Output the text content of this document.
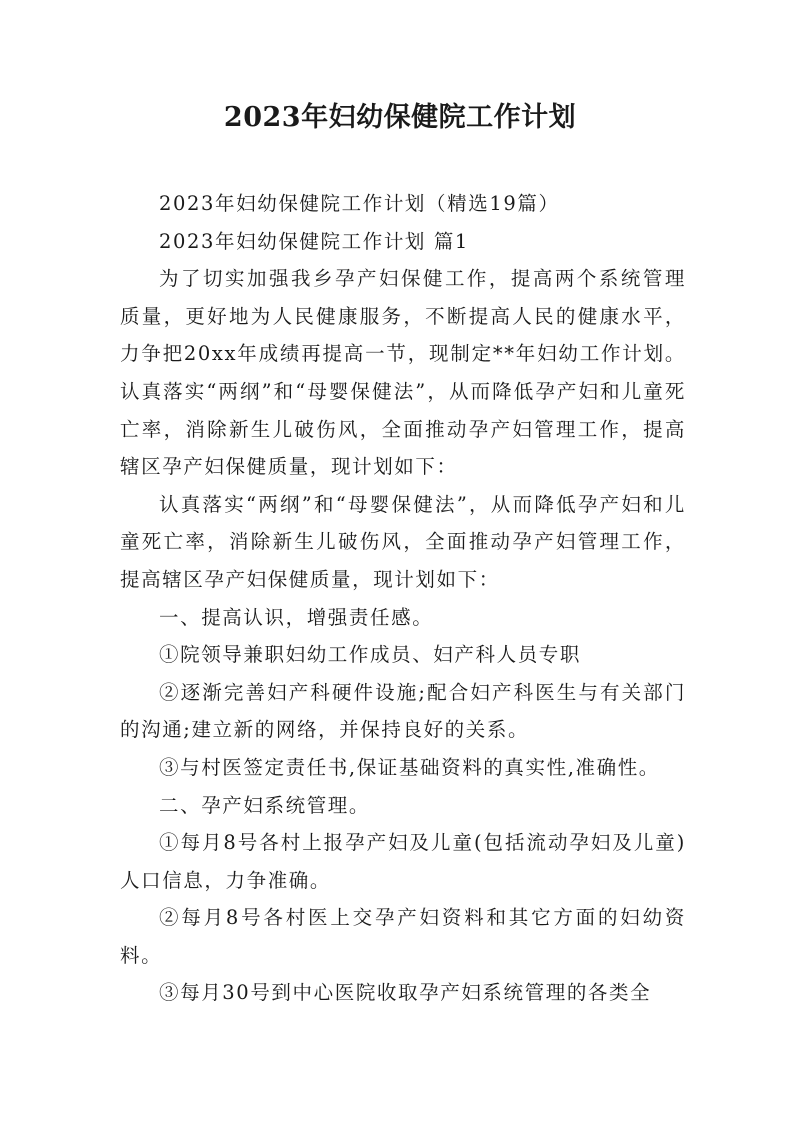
2023年妇幼保健院工作计划

2023年妇幼保健院工作计划（精选19篇）

2023年妇幼保健院工作计划 篇1

为了切实加强我乡孕产妇保健工作，提高两个系统管理质量，更好地为人民健康服务，不断提高人民的健康水平，力争把20xx年成绩再提高一节，现制定**年妇幼工作计划。认真落实“两纲”和“母婴保健法”，从而降低孕产妇和儿童死亡率，消除新生儿破伤风，全面推动孕产妇管理工作，提高辖区孕产妇保健质量，现计划如下：

认真落实“两纲”和“母婴保健法”，从而降低孕产妇和儿童死亡率，消除新生儿破伤风，全面推动孕产妇管理工作，提高辖区孕产妇保健质量，现计划如下：

一、提高认识，增强责任感。

①院领导兼职妇幼工作成员、妇产科人员专职

②逐渐完善妇产科硬件设施;配合妇产科医生与有关部门的沟通;建立新的网络，并保持良好的关系。

③与村医签定责任书,保证基础资料的真实性,准确性。

二、孕产妇系统管理。

①每月8号各村上报孕产妇及儿童(包括流动孕妇及儿童)人口信息，力争准确。

②每月8号各村医上交孕产妇资料和其它方面的妇幼资料。

③每月30号到中心医院收取孕产妇系统管理的各类全
